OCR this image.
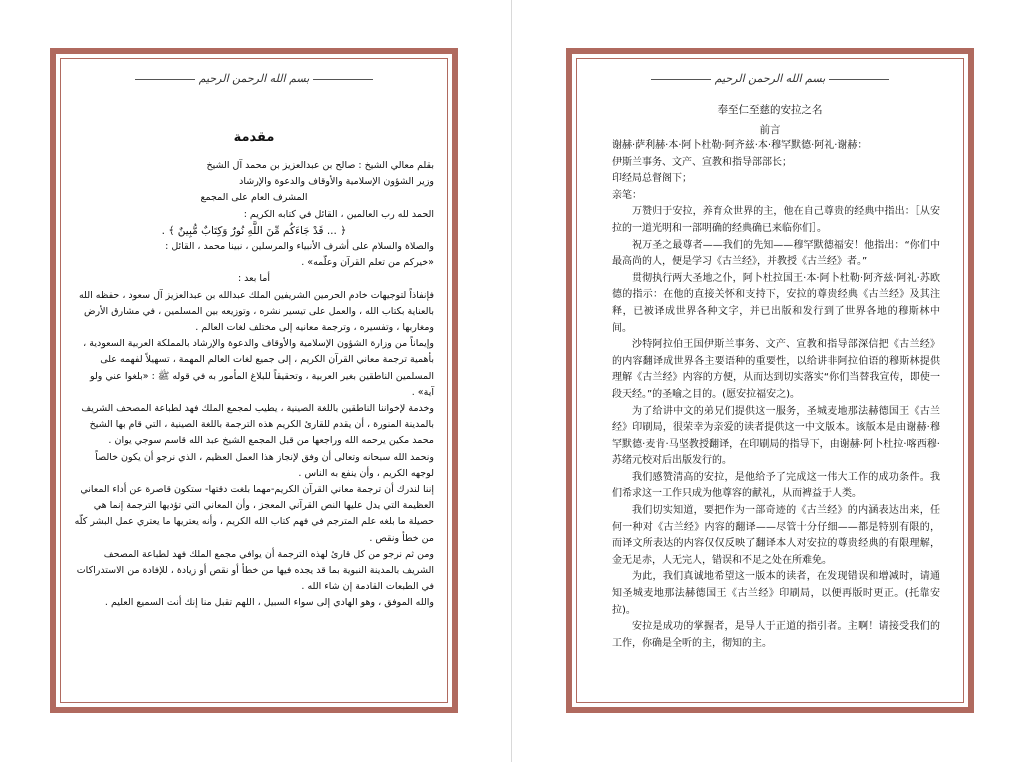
بسم الله الرحمن الرحيم
مقدمة

بقلم معالي الشيخ : صالح بن عبدالعزيز بن محمد آل الشيخ

وزير الشؤون الإسلامية والأوقاف والدعوة والإرشاد

المشرف العام على المجمع

الحمد لله رب العالمين ، القائل في كتابه الكريم :

﴿ ... قَدْ جَاءَكُم مِّنَ اللَّهِ نُورٌ وَكِتَابٌ مُّبِينٌ ﴾ .

والصلاة والسلام على أشرف الأنبياء والمرسلين ، نبينا محمد ، القائل :

«خيركم من تعلم القرآن وعلّمه» .

أما بعد :

فإنفاذاً لتوجيهات خادم الحرمين الشريفين الملك عبدالله بن عبدالعزيز آل سعود ، حفظه الله بالعناية بكتاب الله ، والعمل على تيسير نشره ، وتوزيعه بين المسلمين ، في مشارق الأرض ومغاربها ، وتفسيره ، وترجمة معانيه إلى مختلف لغات العالم .

وإيماناً من وزارة الشؤون الإسلامية والأوقاف والدعوة والإرشاد بالمملكة العربية السعودية ، بأهمية ترجمة معاني القرآن الكريم ، إلى جميع لغات العالم المهمة ، تسهيلاً لفهمه على المسلمين الناطقين بغير العربية ، وتحقيقاً للبلاغ المأمور به في قوله ﷺ : «بلغوا عني ولو آية» .

وخدمة لإخواننا الناطقين باللغة الصينية ، يطيب لمجمع الملك فهد لطباعة المصحف الشريف بالمدينة المنورة ، أن يقدم للقارئ الكريم هذه الترجمة باللغة الصينية ، التي قام بها الشيخ محمد مكين يرحمه الله وراجعها من قبل المجمع الشيخ عبد الله قاسم سوجي يوان .

ونحمد الله سبحانه وتعالى أن وفق لإنجاز هذا العمل العظيم ، الذي نرجو أن يكون خالصاً لوجهه الكريم ، وأن ينفع به الناس .

إننا لندرك أن ترجمة معاني القرآن الكريم-مهما بلغت دقتها- ستكون قاصرة عن أداء المعاني العظيمة التي يدل عليها النص القرآني المعجز ، وأن المعاني التي تؤديها الترجمة إنما هي حصيلة ما بلغه علم المترجم في فهم كتاب الله الكريم ، وأنه يعتريها ما يعتري عمل البشر كلّه من خطأ ونقص .

ومن ثم نرجو من كل قارئ لهذه الترجمة أن يوافي مجمع الملك فهد لطباعة المصحف الشريف بالمدينة النبوية بما قد يجده فيها من خطأ أو نقص أو زيادة ، للإفادة من الاستدراكات في الطبعات القادمة إن شاء الله .

والله الموفق ، وهو الهادي إلى سواء السبيل ، اللهم تقبل منا إنك أنت السميع العليم .

بسم الله الرحمن الرحيم
奉至仁至慈的安拉之名
前言

谢赫·萨利赫·本·阿卜杜勒·阿齐兹·本·穆罕默德·阿礼·谢赫：

伊斯兰事务、文产、宣教和指导部部长；

印经局总督阁下；

亲笔：

万赞归于安拉，养育众世界的主，他在自己尊贵的经典中指出：［从安拉的一道光明和一部明确的经典确已来临你们］。

祝万圣之最尊者——我们的先知——穆罕默德福安！他指出：“你们中最高尚的人，便是学习《古兰经》，并教授《古兰经》者。”

贯彻执行两大圣地之仆，阿卜杜拉国王·本·阿卜杜勒·阿齐兹·阿礼·苏欧德的指示：在他的直接关怀和支持下，安拉的尊贵经典《古兰经》及其注释，已被译成世界各种文字，并已出版和发行到了世界各地的穆斯林中间。

沙特阿拉伯王国伊斯兰事务、文产、宣教和指导部深信把《古兰经》的内容翻译成世界各主要语种的重要性，以给讲非阿拉伯语的穆斯林提供理解《古兰经》内容的方便，从而达到切实落实“你们当替我宣传，即使一段天经。”的圣喻之目的。(愿安拉福安之)。

为了给讲中文的弟兄们提供这一服务，圣城麦地那法赫德国王《古兰经》印刷局，很荣幸为亲爱的读者提供这一中文版本。该版本是由谢赫·穆罕默德·麦肯·马坚教授翻译，在印刷局的指导下，由谢赫·阿卜杜拉·喀西穆·苏绪元校对后出版发行的。

我们感赞清高的安拉，是他给予了完成这一伟大工作的成功条件。我们希求这一工作只成为他尊容的献礼，从而裨益于人类。

我们切实知道，要把作为一部奇迹的《古兰经》的内涵表达出来，任何一种对《古兰经》内容的翻译——尽管十分仔细——都是特别有限的，而译文所表达的内容仅仅反映了翻译本人对安拉的尊贵经典的有限理解，金无足赤，人无完人，错误和不足之处在所难免。

为此，我们真诚地希望这一版本的读者，在发现错误和增减时，请通知圣城麦地那法赫德国王《古兰经》印刷局，以便再版时更正。(托靠安拉)。

安拉是成功的掌握者，是导人于正道的指引者。主啊！请接受我们的工作，你确是全听的主，彻知的主。
